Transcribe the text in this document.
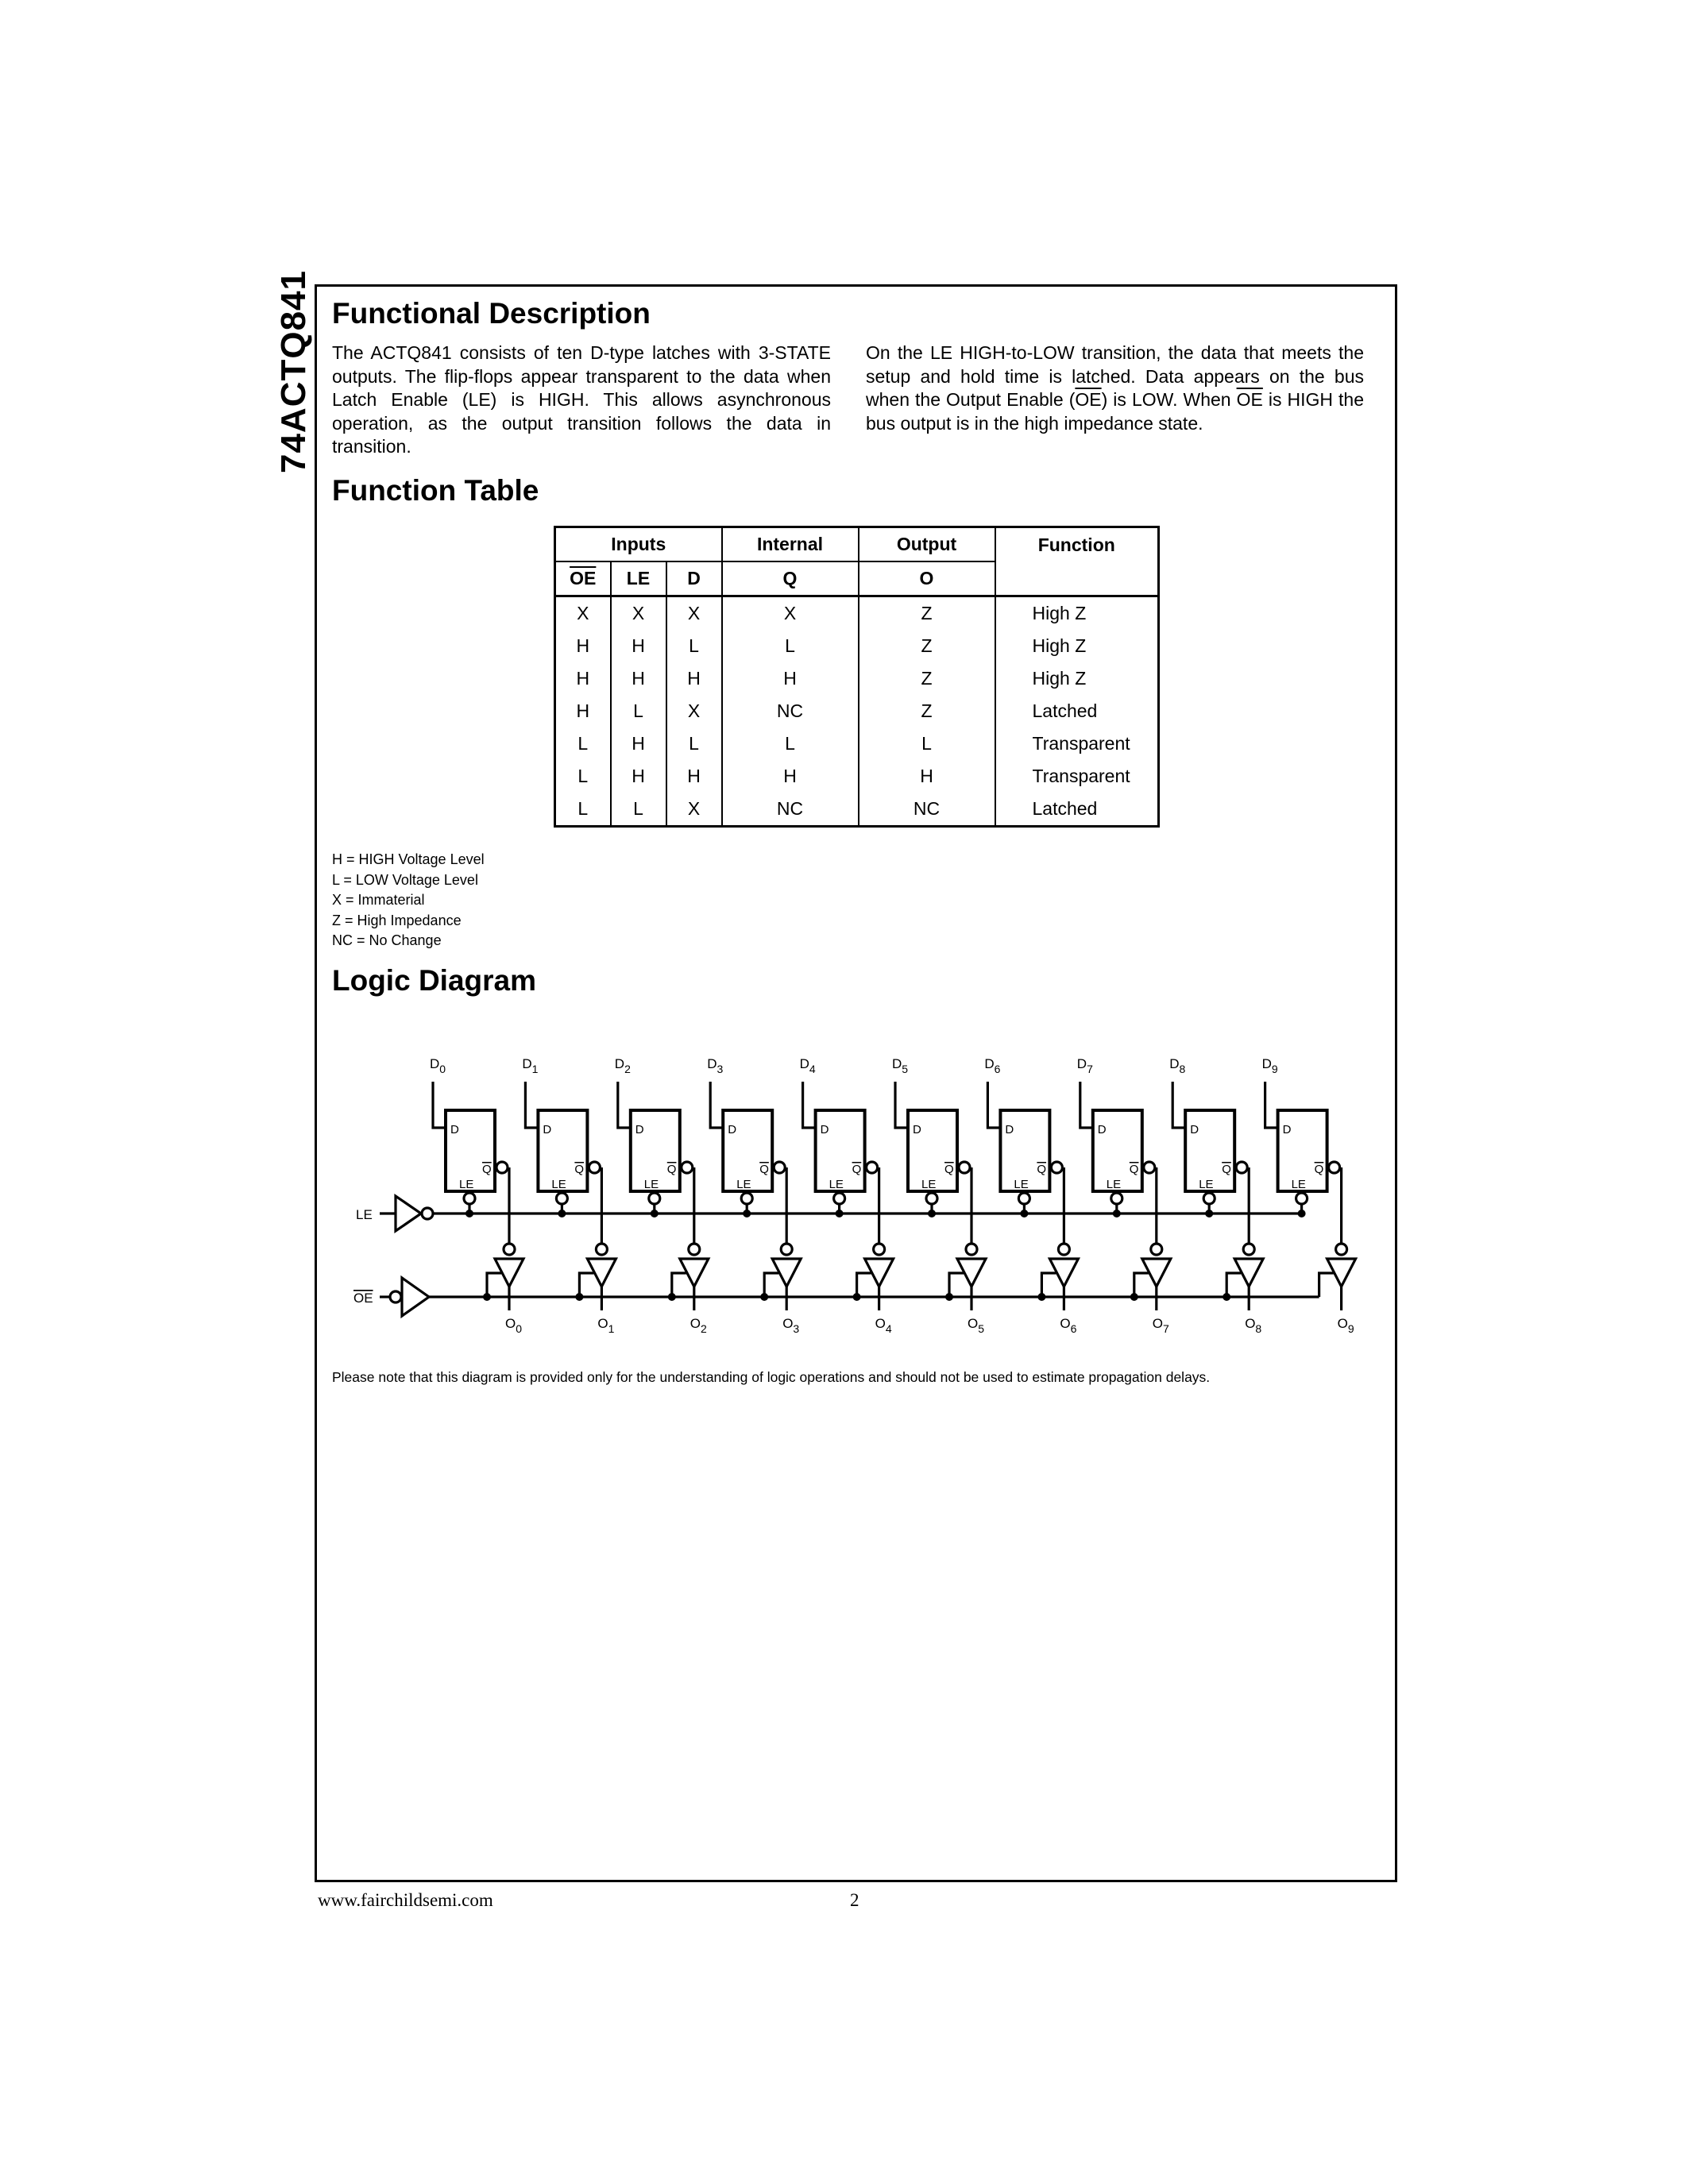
74ACTQ841 Functional Description

The ACTQ841 consists of ten D-type latches with 3-STATE outputs. The flip-flops appear transparent to the data when Latch Enable (LE) is HIGH. This allows asynchronous operation, as the output transition follows the data in transition.

On the LE HIGH-to-LOW transition, the data that meets the setup and hold time is latched. Data appears on the bus when the Output Enable $(\overline{OE})$ is LOW. When $\overline{OE}$ is HIGH the bus output is in the high impedance state.

Function Table
Inputs			Internal	Output	Function
$\overline{OE}$	LE	D	Q	O	
X	X	X	X	Z	High Z
H	H	L	L	Z	High Z
H	H	H	H	Z	High Z
H	L	X	NC	Z	Latched
L	H	L	L	L	Transparent
L	H	H	H	H	Transparent
L	L	X	NC	NC	Latched
H = HIGH Voltage Level
L = LOW Voltage Level
X = Immaterial
Z = High Impedance
NC = No Change
Logic Diagram
LE
OE
$D_0$
D
Q
LE
$O_0$
$D_1$
D
Q
LE
$O_1$
$D_2$
D
Q
LE
$O_2$
$D_3$
D
Q
LE
$O_3$
$D_4$
D
Q
LE
$O_4$
$D_5$
D
Q
LE
$O_5$
$D_6$
D
Q
LE
$O_6$
$D_7$
D
Q
LE
$O_7$
$D_8$
D
Q
LE
$O_8$
$D_9$
D
Q
LE
$O_9$
Please note that this diagram is provided only for the understanding of logic operations and should not be used to estimate propagation delays.
www.fairchildsemi.com	2
